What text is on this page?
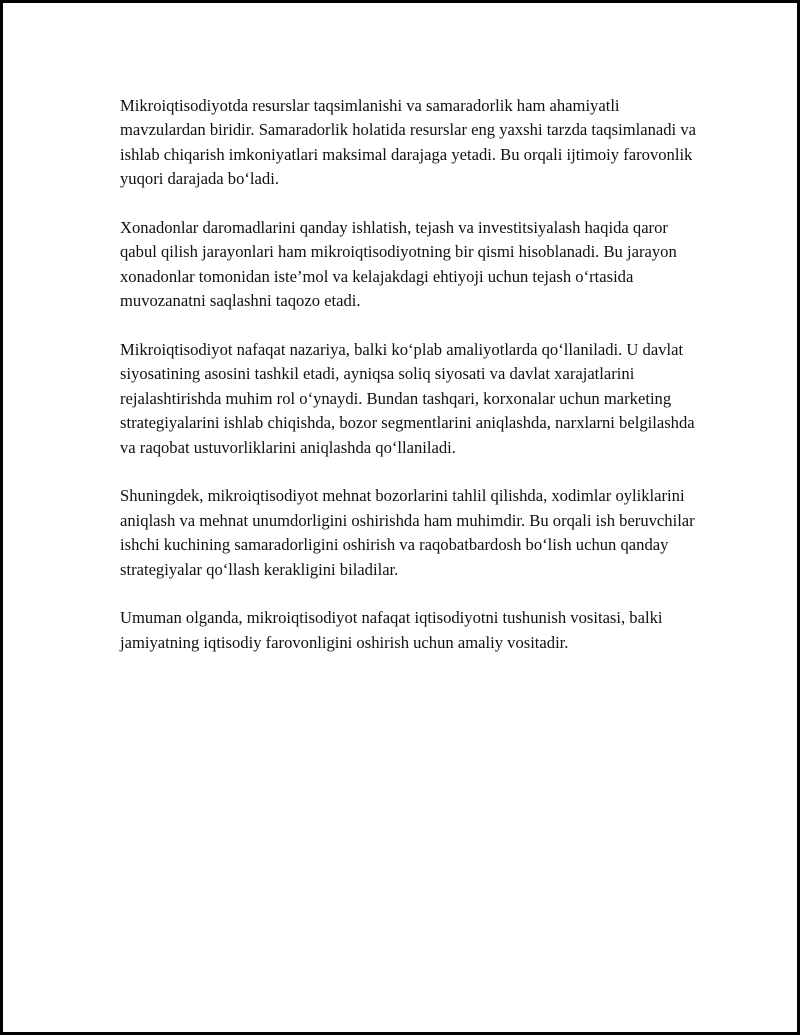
Mikroiqtisodiyotda resurslar taqsimlanishi va samaradorlik ham ahamiyatli mavzulardan biridir. Samaradorlik holatida resurslar eng yaxshi tarzda taqsimlanadi va ishlab chiqarish imkoniyatlari maksimal darajaga yetadi. Bu orqali ijtimoiy farovonlik yuqori darajada bo‘ladi.

Xonadonlar daromadlarini qanday ishlatish, tejash va investitsiyalash haqida qaror qabul qilish jarayonlari ham mikroiqtisodiyotning bir qismi hisoblanadi. Bu jarayon xonadonlar tomonidan iste’mol va kelajakdagi ehtiyoji uchun tejash o‘rtasida muvozanatni saqlashni taqozo etadi.

Mikroiqtisodiyot nafaqat nazariya, balki ko‘plab amaliyotlarda qo‘llaniladi. U davlat siyosatining asosini tashkil etadi, ayniqsa soliq siyosati va davlat xarajatlarini rejalashtirishda muhim rol o‘ynaydi. Bundan tashqari, korxonalar uchun marketing strategiyalarini ishlab chiqishda, bozor segmentlarini aniqlashda, narxlarni belgilashda va raqobat ustuvorliklarini aniqlashda qo‘llaniladi.

Shuningdek, mikroiqtisodiyot mehnat bozorlarini tahlil qilishda, xodimlar oyliklarini aniqlash va mehnat unumdorligini oshirishda ham muhimdir. Bu orqali ish beruvchilar ishchi kuchining samaradorligini oshirish va raqobatbardosh bo‘lish uchun qanday strategiyalar qo‘llash kerakligini biladilar.

Umuman olganda, mikroiqtisodiyot nafaqat iqtisodiyotni tushunish vositasi, balki jamiyatning iqtisodiy farovonligini oshirish uchun amaliy vositadir.
